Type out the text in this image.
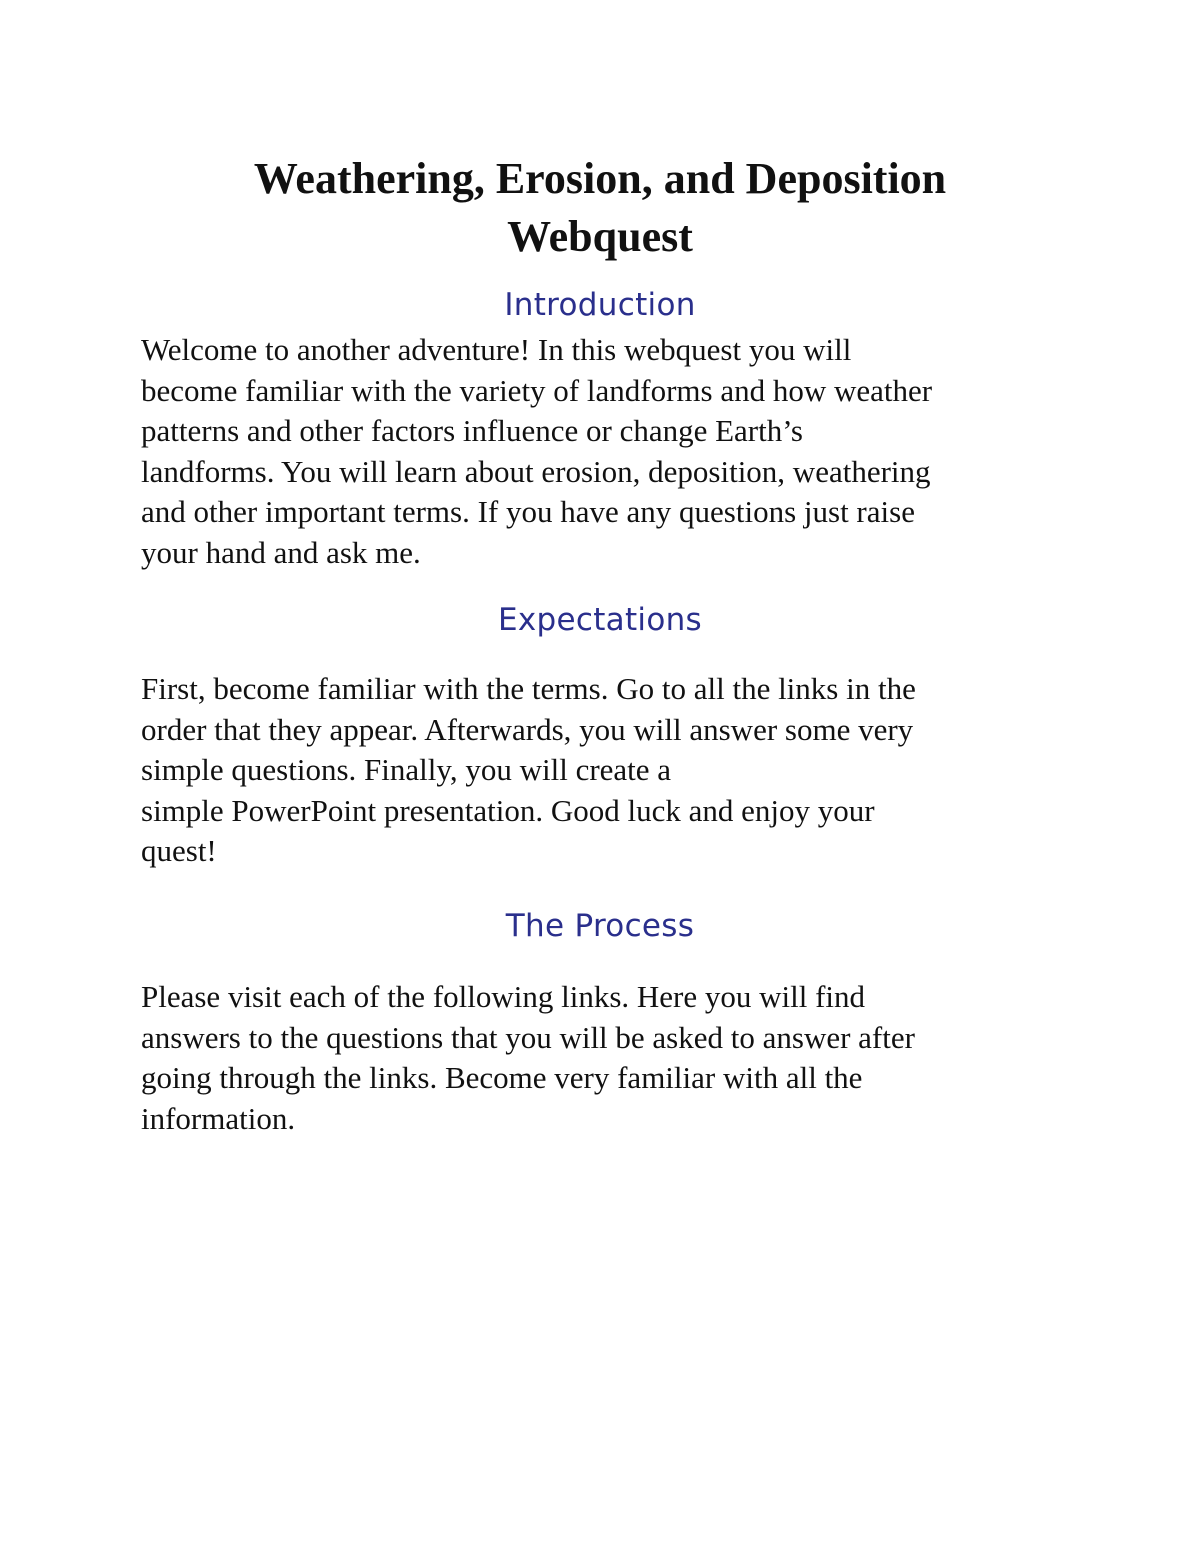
Weathering, Erosion, and Deposition
Webquest
Introduction

Welcome to another adventure! In this webquest you will
become familiar with the variety of landforms and how weather
patterns and other factors influence or change Earth’s
landforms. You will learn about erosion, deposition, weathering
and other important terms. If you have any questions just raise
your hand and ask me.

Expectations

First, become familiar with the terms. Go to all the links in the
order that they appear. Afterwards, you will answer some very
simple questions. Finally, you will create a
simple PowerPoint presentation. Good luck and enjoy your
quest!

The Process

Please visit each of the following links. Here you will find
answers to the questions that you will be asked to answer after
going through the links. Become very familiar with all the
information.
